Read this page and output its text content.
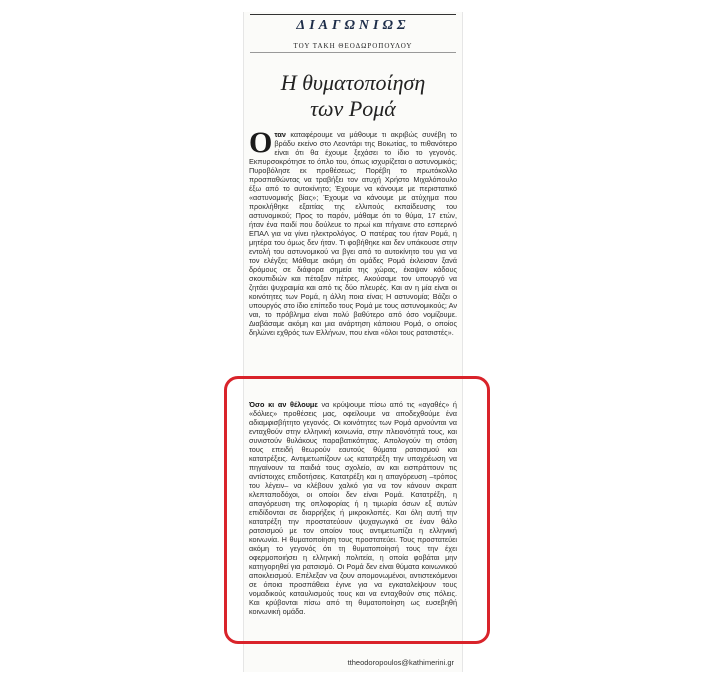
ΔΙΑΓΩΝΙΩΣ
ΤΟΥ ΤΑΚΗ ΘΕΟΔΩΡΟΠΟΥΛΟΥ
Η θυματοποίηση
των Ρομά

Οταν καταφέρουμε να μάθουμε τι ακριβώς συνέβη το βράδυ εκείνο στο Λεοντάρι της Βοιωτίας, το πιθανότερο είναι ότι θα έχουμε ξεχάσει το ίδιο το γεγονός. Εκπυρσοκρότησε το όπλο του, όπως ισχυρίζεται ο αστυνομικός; Πυροβόλησε εκ προθέσεως; Πορέβη το πρωτόκολλο προσπαθώντας να τραβήξει τον ατυχή Χρήστο Μιχαλόπουλο έξω από το αυτοκίνητο; Έχουμε να κάνουμε με περιστατικό «αστυνομικής βίας»; Έχουμε να κάνουμε με ατύχημα που προκλήθηκε εξαιτίας της ελλιπούς εκπαίδευσης του αστυνομικού; Προς το παρόν, μάθαμε ότι το θύμα, 17 ετών, ήταν ένα παιδί που δούλευε το πρωί και πήγαινε στο εσπερινό ΕΠΑΛ για να γίνει ηλεκτρολόγος. Ο πατέρας του ήταν Ρομά, η μητέρα του όμως δεν ήταν. Τι φοβήθηκε και δεν υπάκουσε στην εντολή του αστυνομικού να βγει από το αυτοκίνητο του για να τον ελέγξει; Μάθαμε ακόμη ότι ομάδες Ρομά έκλεισαν ξανά δρόμους σε διάφορα σημεία της χώρας, έκαψαν κάδους σκουπιδιών και πέταξαν πέτρες. Ακούσαμε τον υπουργό να ζητάει ψυχραιμία και από τις δύο πλευρές. Και αν η μία είναι οι κοινότητες των Ρομά, η άλλη ποια είναι; Η αστυνομία; Βάζει ο υπουργός στο ίδιο επίπεδο τους Ρομά με τους αστυνομικούς; Αν ναι, το πρόβλημα είναι πολύ βαθύτερο από όσο νομίζουμε. Διαβάσαμε ακόμη και μια ανάρτηση κάποιου Ρομά, ο οποίος δηλώνει εχθρός των Ελλήνων, που είναι «όλοι τους ρατσιστές».

Όσο κι αν θέλουμε να κρύψουμε πίσω από τις «αγαθές» ή «δόλιες» προθέσεις μας, οφείλουμε να αποδεχθούμε ένα αδιαμφισβήτητο γεγονός. Οι κοινότητες των Ρομά αρνούνται να ενταχθούν στην ελληνική κοινωνία, στην πλειονότητά τους, και συνιστούν θυλάκους παραβατικότητας. Απολογούν τη στάση τους επειδή θεωρούν εαυτούς θύματα ρατσισμού και κατατρέξεις. Αντιμετωπίζουν ως κατατρέξη την υποχρέωση να πηγαίνουν τα παιδιά τους σχολείο, αν και εισπράττουν τις αντίστοιχες επιδοτήσεις. Κατατρέξη και η απαγόρευση –τρόπος του λέγειν– να κλέβουν χαλκό για να τον κάνουν σκραπ κλεπταποδόχοι, οι οποίοι δεν είναι Ρομά. Κατατρέξη, η απαγόρευση της οπλοφορίας ή η τιμωρία όσων εξ αυτών επιδίδονται σε διαρρήξεις ή μικροκλοπές. Και όλη αυτή την κατατρέξη την προστατεύουν ψυχαγωγικά σε έναν θάλο ρατσισμού με τον οποίον τους αντιμετωπίζει η ελληνική κοινωνία. Η θυματοποίηση τους προστατεύει. Τους προστατεύει ακόμη το γεγονός ότι τη θυματοποίησή τους την έχει οφερμοποιήσει η ελληνική πολιτεία, η οποία φοβάται μην κατηγορηθεί για ρατσισμό. Οι Ρομά δεν είναι θύματα κοινωνικού αποκλεισμού. Επέλεξαν να ζουν απομονωμένοι, αντιστεκόμενοι σε όποια προσπάθεια έγινε για να εγκαταλείψουν τους νομαδικούς καταυλισμούς τους και να ενταχθούν στις πόλεις. Και κρύβονται πίσω από τη θυματοποίηση ως ευσεβηθή κοινωνική ομάδα.

ttheodoropoulos@kathimerini.gr
